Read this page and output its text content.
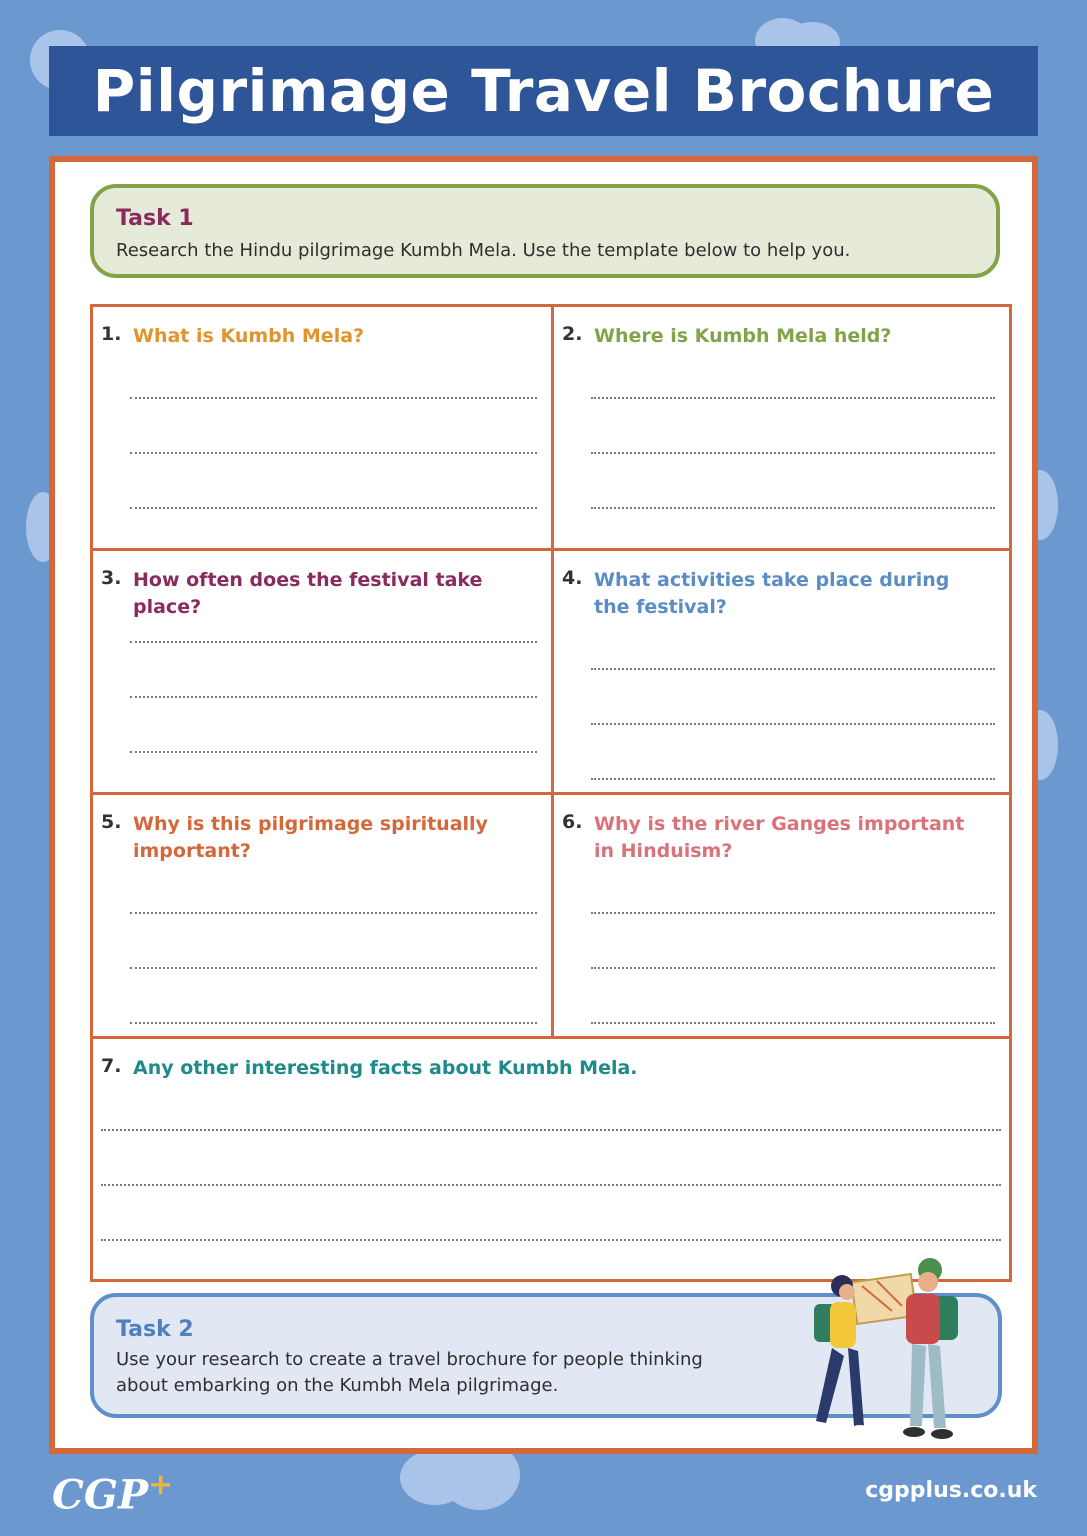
Pilgrimage Travel Brochure
Task 1
Research the Hindu pilgrimage Kumbh Mela. Use the template below to help you.
1. What is Kumbh Mela?	2. Where is Kumbh Mela held?
3. How often does the festival take place?
4. What activities take place during the festival?
5. Why is this pilgrimage spiritually important?
6. Why is the river Ganges important in Hinduism?
7. Any other interesting facts about Kumbh Mela.
Task 2
Use your research to create a travel brochure for people thinking about embarking on the Kumbh Mela pilgrimage.
CGP+	cgpplus.co.uk
